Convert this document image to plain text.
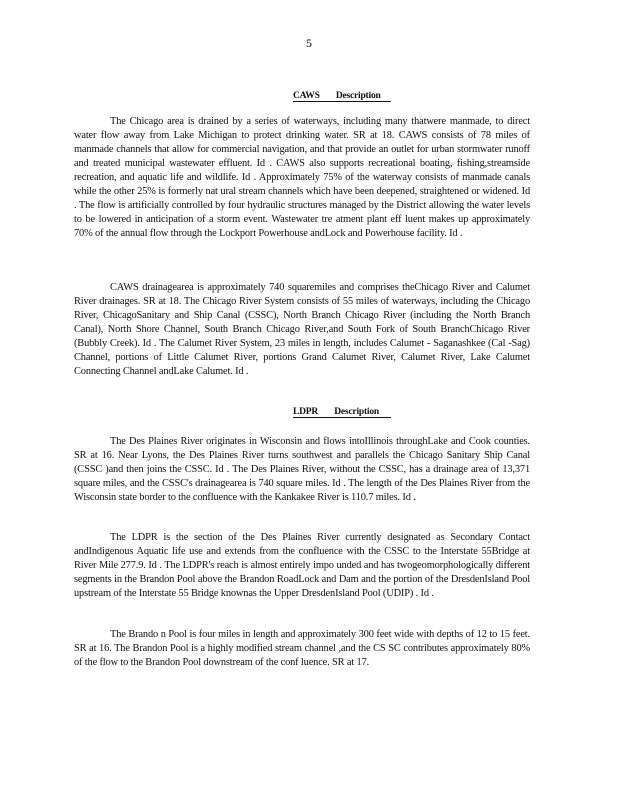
5
CAWS Description

The Chicago area is drained by a series of waterways, including many thatwere manmade, to direct water flow away from Lake Michigan to protect drinking water. SR at 18. CAWS consists of 78 miles of manmade channels that allow for commercial navigation, and that provide an outlet for urban stormwater runoff and treated municipal wastewater effluent. Id . CAWS also supports recreational boating, fishing,streamside recreation, and aquatic life and wildlife. Id . Approximately 75% of the waterway consists of manmade canals while the other 25% is formerly nat ural stream channels which have been deepened, straightened or widened. Id . The flow is artificially controlled by four hydraulic structures managed by the District allowing the water levels to be lowered in anticipation of a storm event. Wastewater tre atment plant eff luent makes up approximately 70% of the annual flow through the Lockport Powerhouse andLock and Powerhouse facility. Id .

CAWS drainagearea is approximately 740 squaremiles and comprises theChicago River and Calumet River drainages. SR at 18. The Chicago River System consists of 55 miles of waterways, including the Chicago River, ChicagoSanitary and Ship Canal (CSSC), North Branch Chicago River (including the North Branch Canal), North Shore Channel, South Branch Chicago River,and South Fork of South BranchChicago River (Bubbly Creek). Id . The Calumet River System, 23 miles in length, includes Calumet - Saganashkee (Cal -Sag) Channel, portions of Little Calumet River, portions Grand Calumet River, Calumet River, Lake Calumet Connecting Channel andLake Calumet. Id .

LDPR Description

The Des Plaines River originates in Wisconsin and flows intoIllinois throughLake and Cook counties. SR at 16. Near Lyons, the Des Plaines River turns southwest and parallels the Chicago Sanitary Ship Canal (CSSC )and then joins the CSSC. Id . The Des Plaines River, without the CSSC, has a drainage area of 13,371 square miles, and the CSSC's drainagearea is 740 square miles. Id . The length of the Des Plaines River from the Wisconsin state border to the confluence with the Kankakee River is 110.7 miles. Id .

The LDPR is the section of the Des Plaines River currently designated as Secondary Contact andIndigenous Aquatic life use and extends from the confluence with the CSSC to the Interstate 55Bridge at River Mile 277.9. Id . The LDPR's reach is almost entirely impo unded and has twogeomorphologically different segments in the Brandon Pool above the Brandon RoadLock and Dam and the portion of the DresdenIsland Pool upstream of the Interstate 55 Bridge knownas the Upper DresdenIsland Pool (UDIP) . Id .

The Brando n Pool is four miles in length and approximately 300 feet wide with depths of 12 to 15 feet. SR at 16. The Brandon Pool is a highly modified stream channel ,and the CS SC contributes approximately 80% of the flow to the Brandon Pool downstream of the conf luence. SR at 17.
